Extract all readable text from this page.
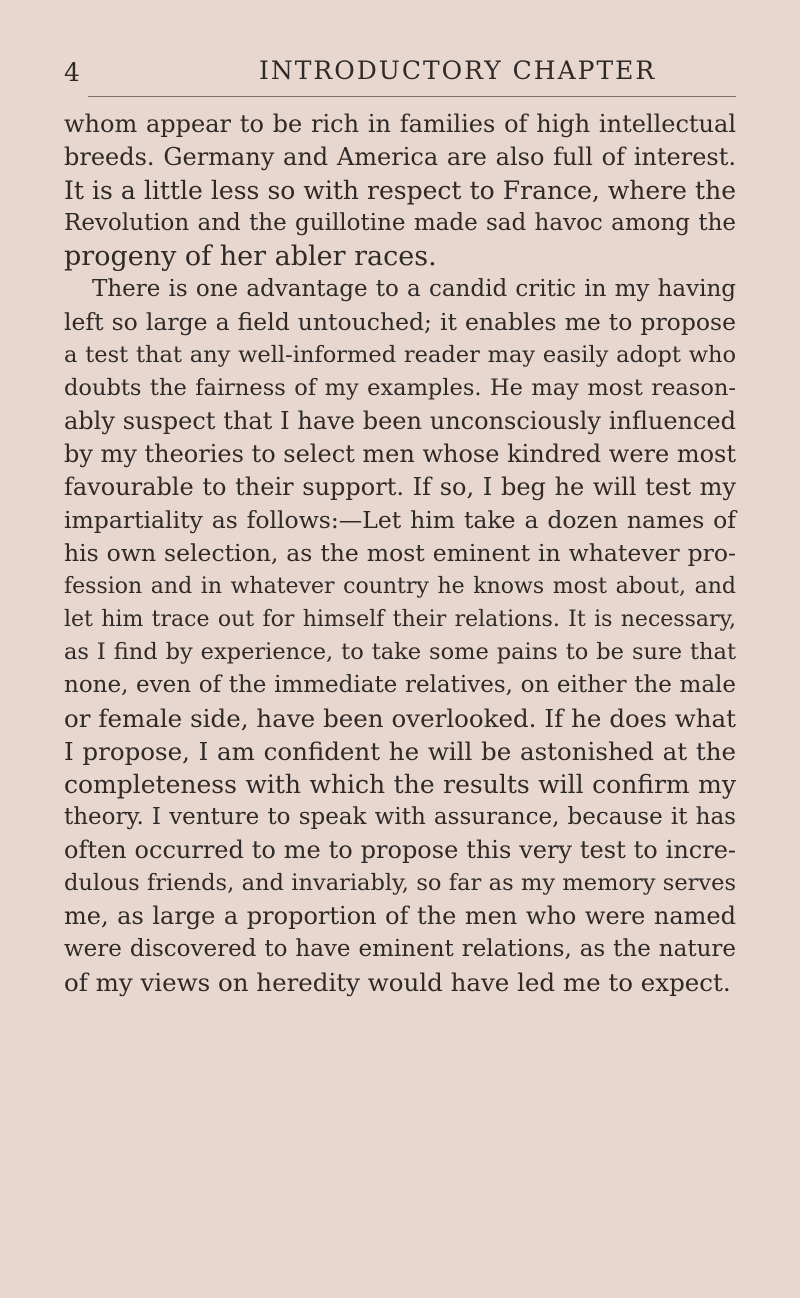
4	INTRODUCTORY CHAPTER
whom appear to be rich in families of high intellectual
breeds. Germany and America are also full of interest.
It is a little less so with respect to France, where the
Revolution and the guillotine made sad havoc among the
progeny of her abler races.
There is one advantage to a candid critic in my having
left so large a field untouched; it enables me to propose
a test that any well-informed reader may easily adopt who
doubts the fairness of my examples. He may most reason-
ably suspect that I have been unconsciously influenced
by my theories to select men whose kindred were most
favourable to their support. If so, I beg he will test my
impartiality as follows:—Let him take a dozen names of
his own selection, as the most eminent in whatever pro-
fession and in whatever country he knows most about, and
let him trace out for himself their relations. It is necessary,
as I find by experience, to take some pains to be sure that
none, even of the immediate relatives, on either the male
or female side, have been overlooked. If he does what
I propose, I am confident he will be astonished at the
completeness with which the results will confirm my
theory. I venture to speak with assurance, because it has
often occurred to me to propose this very test to incre-
dulous friends, and invariably, so far as my memory serves
me, as large a proportion of the men who were named
were discovered to have eminent relations, as the nature
of my views on heredity would have led me to expect.
